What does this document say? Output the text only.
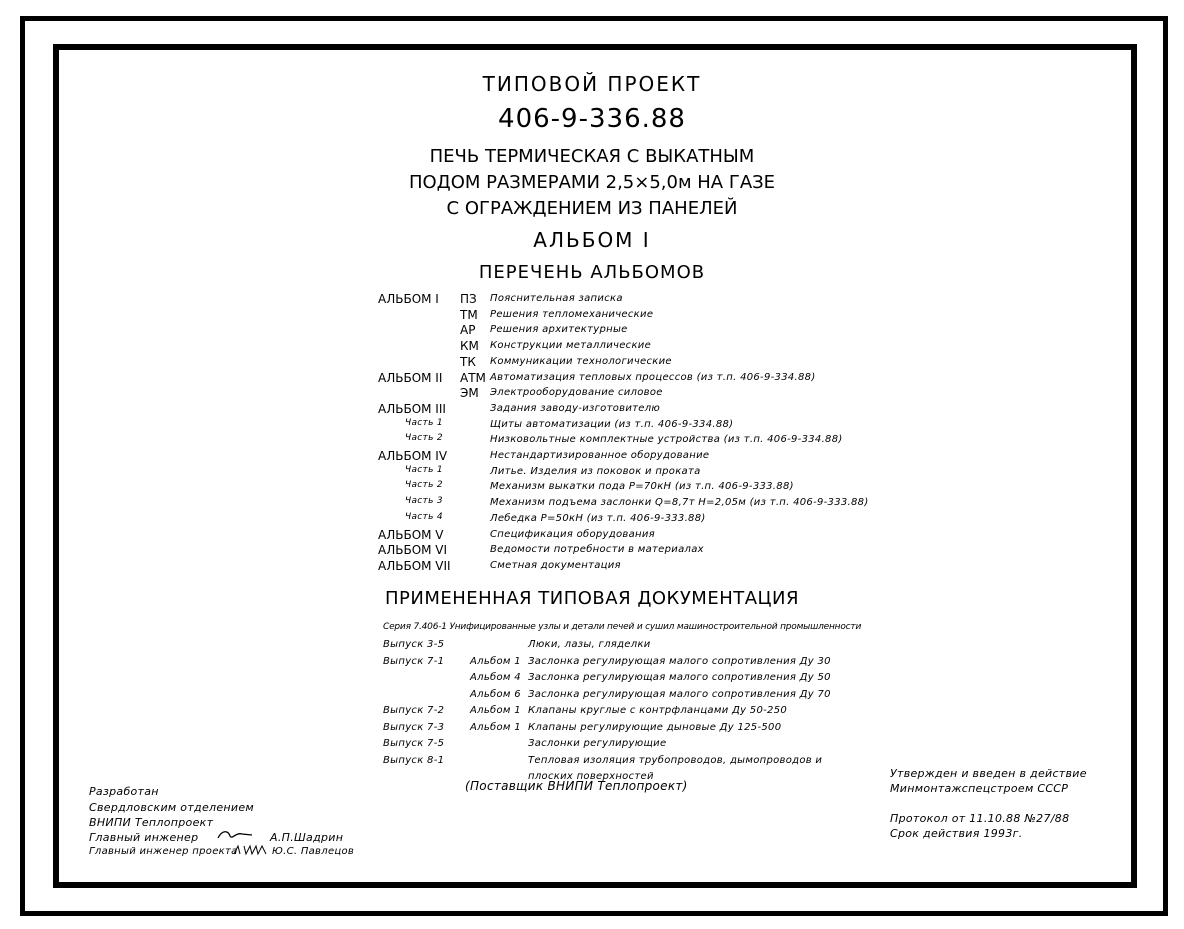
ТИПОВОЙ ПРОЕКТ
406-9-336.88
ПЕЧЬ ТЕРМИЧЕСКАЯ С ВЫКАТНЫМ
ПОДОМ РАЗМЕРАМИ 2,5×5,0м НА ГАЗЕ
С ОГРАЖДЕНИЕМ ИЗ ПАНЕЛЕЙ
АЛЬБОМ I
ПЕРЕЧЕНЬ АЛЬБОМОВ
АЛЬБОМ I ПЗ Пояснительная записка
ТМ Решения тепломеханические
АР Решения архитектурные
КМ Конструкции металлические
ТК Коммуникации технологические
АЛЬБОМ II АТМ Автоматизация тепловых процессов (из т.п. 406-9-334.88)
ЭМ Электрооборудование силовое
АЛЬБОМ III	Задания заводу-изготовителю
Часть 1	Щиты автоматизации (из т.п. 406-9-334.88)
Часть 2	Низковольтные комплектные устройства (из т.п. 406-9-334.88)
АЛЬБОМ IV	Нестандартизированное оборудование
Часть 1	Литье. Изделия из поковок и проката
Часть 2	Механизм выкатки пода P=70кН (из т.п. 406-9-333.88)
Часть 3	Механизм подъема заслонки Q=8,7т H=2,05м (из т.п. 406-9-333.88)
Часть 4	Лебедка P=50кН (из т.п. 406-9-333.88)
АЛЬБОМ V	Спецификация оборудования
АЛЬБОМ VI	Ведомости потребности в материалах
АЛЬБОМ VII	Сметная документация
ПРИМЕНЕННАЯ ТИПОВАЯ ДОКУМЕНТАЦИЯ
Серия 7.406-1 Унифицированные узлы и детали печей и сушил машиностроительной промышленности
Выпуск 3-5	Люки, лазы, гляделки
Выпуск 7-1	Альбом 1 Заслонка регулирующая малого сопротивления Ду 30
Альбом 4 Заслонка регулирующая малого сопротивления Ду 50
Альбом 6 Заслонка регулирующая малого сопротивления Ду 70
Выпуск 7-2	Альбом 1 Клапаны круглые с контрфланцами Ду 50-250
Выпуск 7-3	Альбом 1 Клапаны регулирующие дыновые Ду 125-500
Выпуск 7-5	Заслонки регулирующие
Выпуск 8-1	Тепловая изоляция трубопроводов, дымопроводов и
плоских поверхностей
(Поставщик ВНИПИ Теплопроект)
Разработан
Свердловским отделением
ВНИПИ Теплопроект
Главный инженер	А.П.Шадрин
Главный инженер проекта	Ю.С. Павлецов
Утвержден и введен в действие
Минмонтажспецстроем СССР
Протокол от 11.10.88 №27/88
Срок действия 1993г.
